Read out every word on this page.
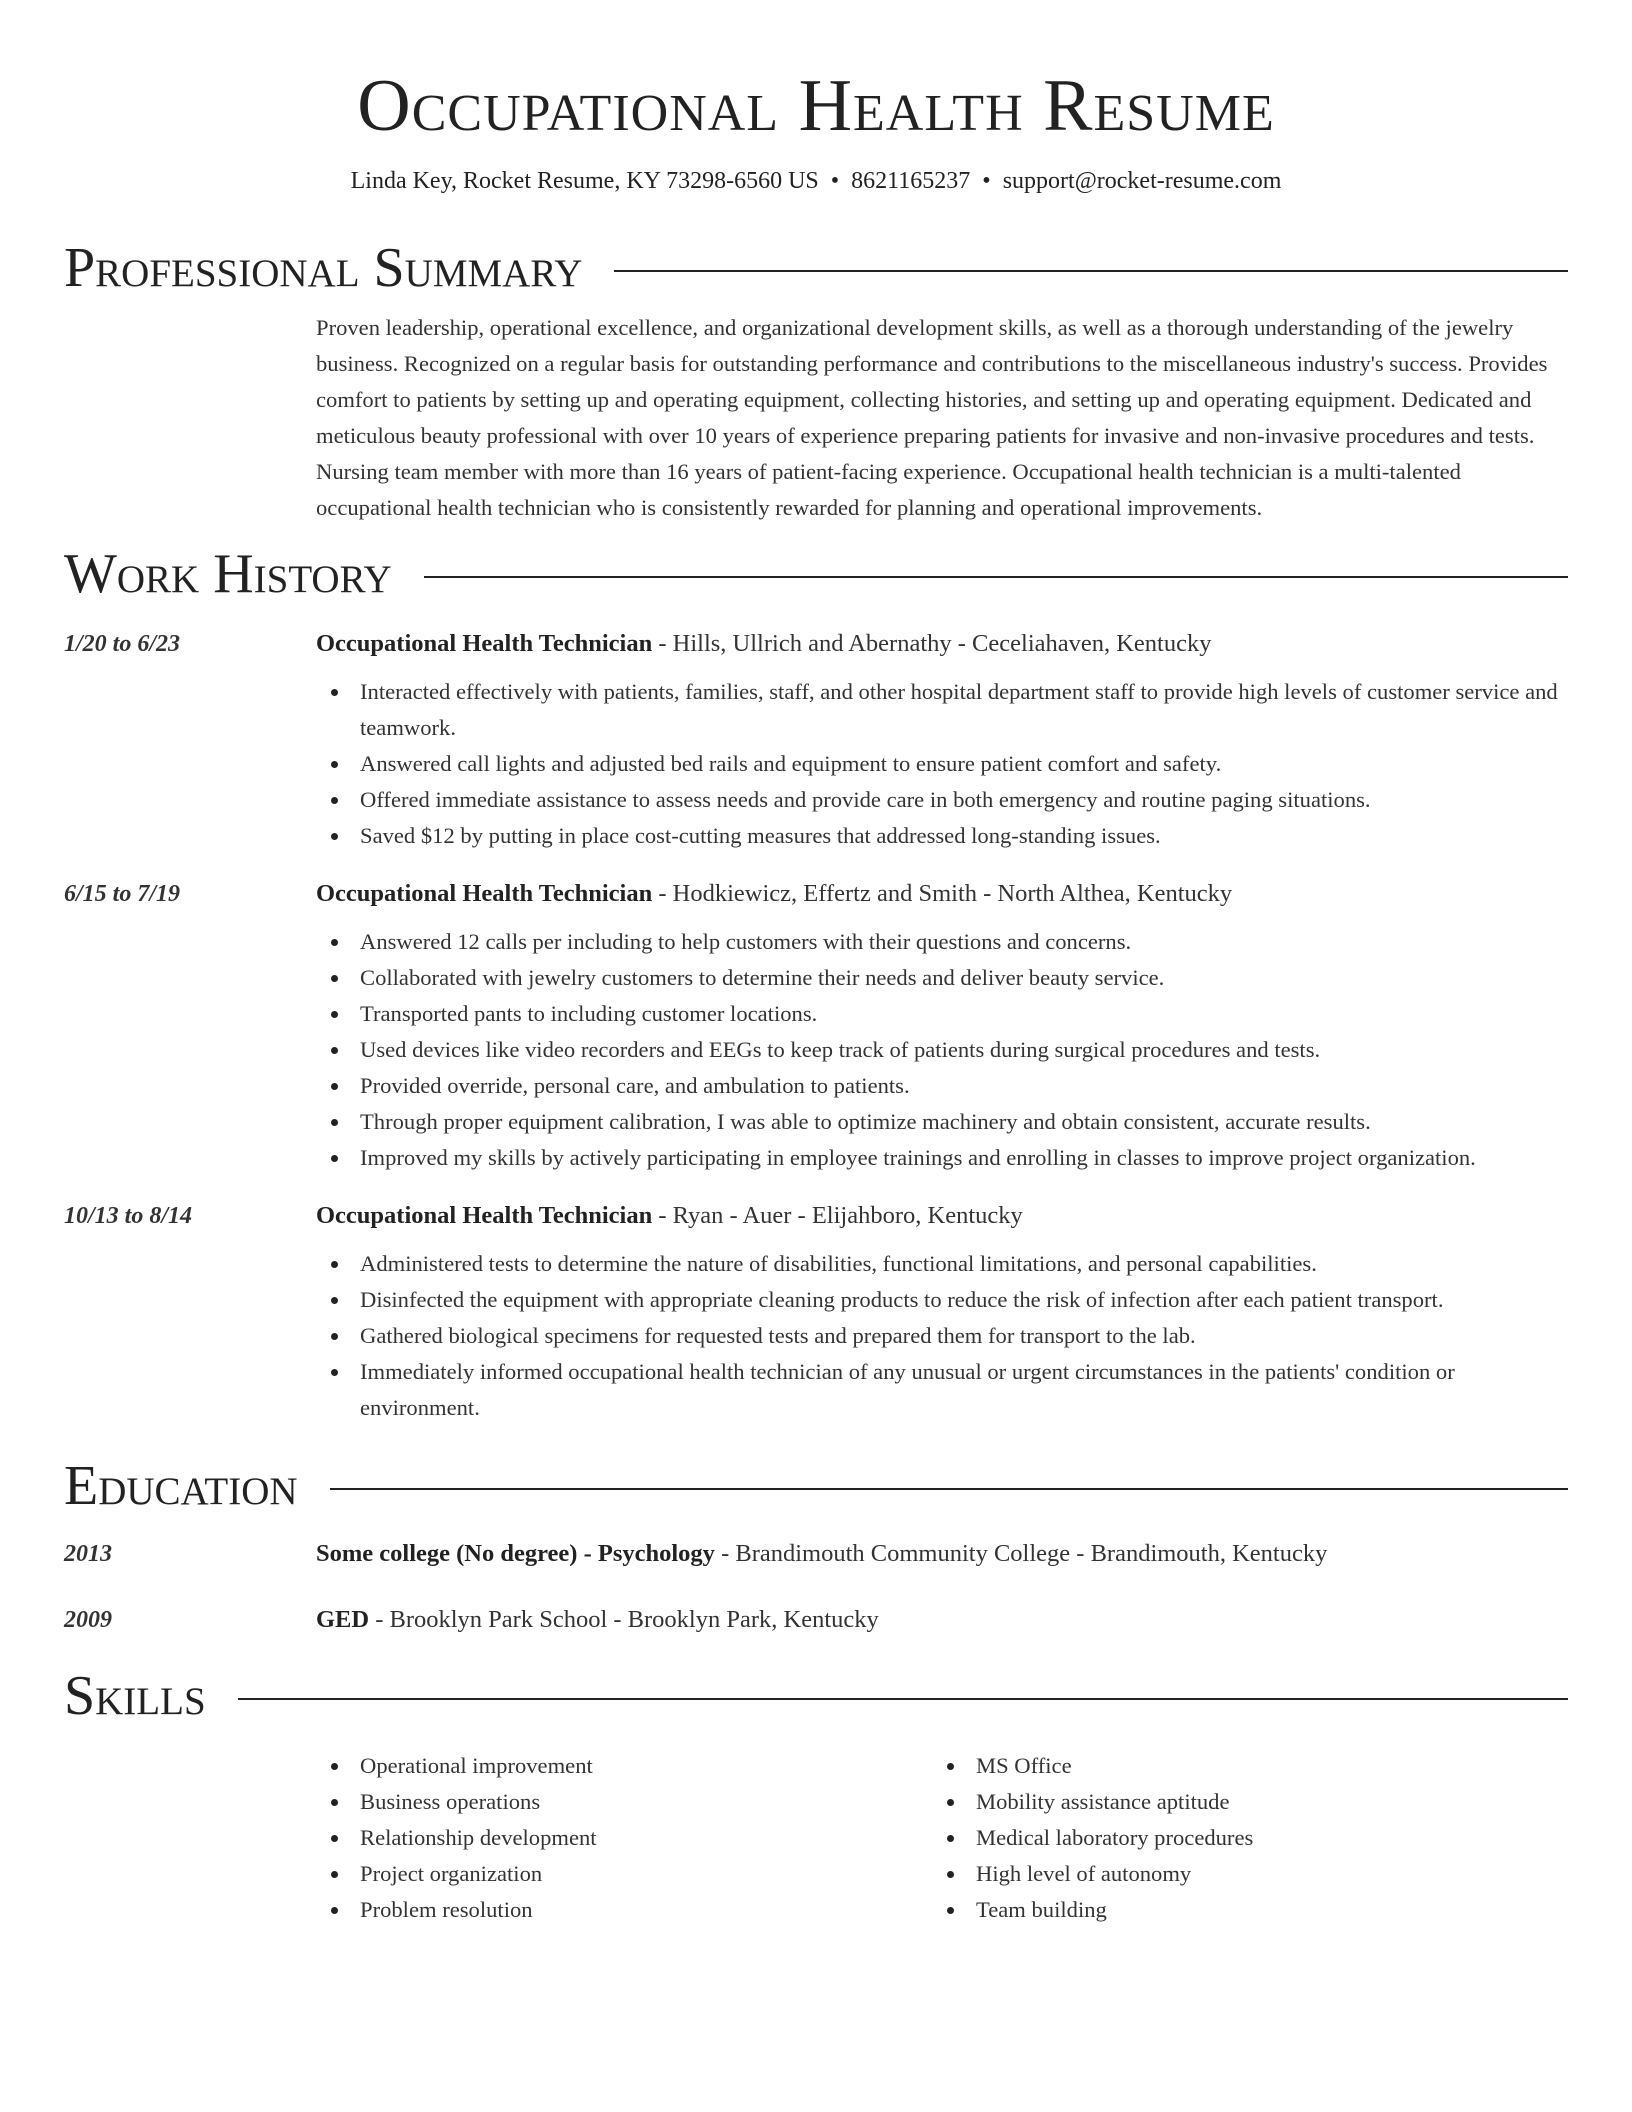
Occupational Health Resume
Linda Key, Rocket Resume, KY 73298-6560 US • 8621165237 • support@rocket-resume.com
Professional Summary
Proven leadership, operational excellence, and organizational development skills, as well as a thorough understanding of the jewelry business. Recognized on a regular basis for outstanding performance and contributions to the miscellaneous industry's success. Provides comfort to patients by setting up and operating equipment, collecting histories, and setting up and operating equipment. Dedicated and meticulous beauty professional with over 10 years of experience preparing patients for invasive and non-invasive procedures and tests. Nursing team member with more than 16 years of patient-facing experience. Occupational health technician is a multi-talented occupational health technician who is consistently rewarded for planning and operational improvements.
Work History
1/20 to 6/23	Occupational Health Technician - Hills, Ullrich and Abernathy - Ceceliahaven, Kentucky
Interacted effectively with patients, families, staff, and other hospital department staff to provide high levels of customer service and teamwork.
Answered call lights and adjusted bed rails and equipment to ensure patient comfort and safety.
Offered immediate assistance to assess needs and provide care in both emergency and routine paging situations.
Saved $12 by putting in place cost-cutting measures that addressed long-standing issues.
6/15 to 7/19	Occupational Health Technician - Hodkiewicz, Effertz and Smith - North Althea, Kentucky
Answered 12 calls per including to help customers with their questions and concerns.
Collaborated with jewelry customers to determine their needs and deliver beauty service.
Transported pants to including customer locations.
Used devices like video recorders and EEGs to keep track of patients during surgical procedures and tests.
Provided override, personal care, and ambulation to patients.
Through proper equipment calibration, I was able to optimize machinery and obtain consistent, accurate results.
Improved my skills by actively participating in employee trainings and enrolling in classes to improve project organization.
10/13 to 8/14	Occupational Health Technician - Ryan - Auer - Elijahboro, Kentucky
Administered tests to determine the nature of disabilities, functional limitations, and personal capabilities.
Disinfected the equipment with appropriate cleaning products to reduce the risk of infection after each patient transport.
Gathered biological specimens for requested tests and prepared them for transport to the lab.
Immediately informed occupational health technician of any unusual or urgent circumstances in the patients' condition or environment.
Education
2013	Some college (No degree) - Psychology - Brandimouth Community College - Brandimouth, Kentucky
2009	GED - Brooklyn Park School - Brooklyn Park, Kentucky
Skills
Operational improvement
Business operations
Relationship development
Project organization
Problem resolution
MS Office
Mobility assistance aptitude
Medical laboratory procedures
High level of autonomy
Team building
